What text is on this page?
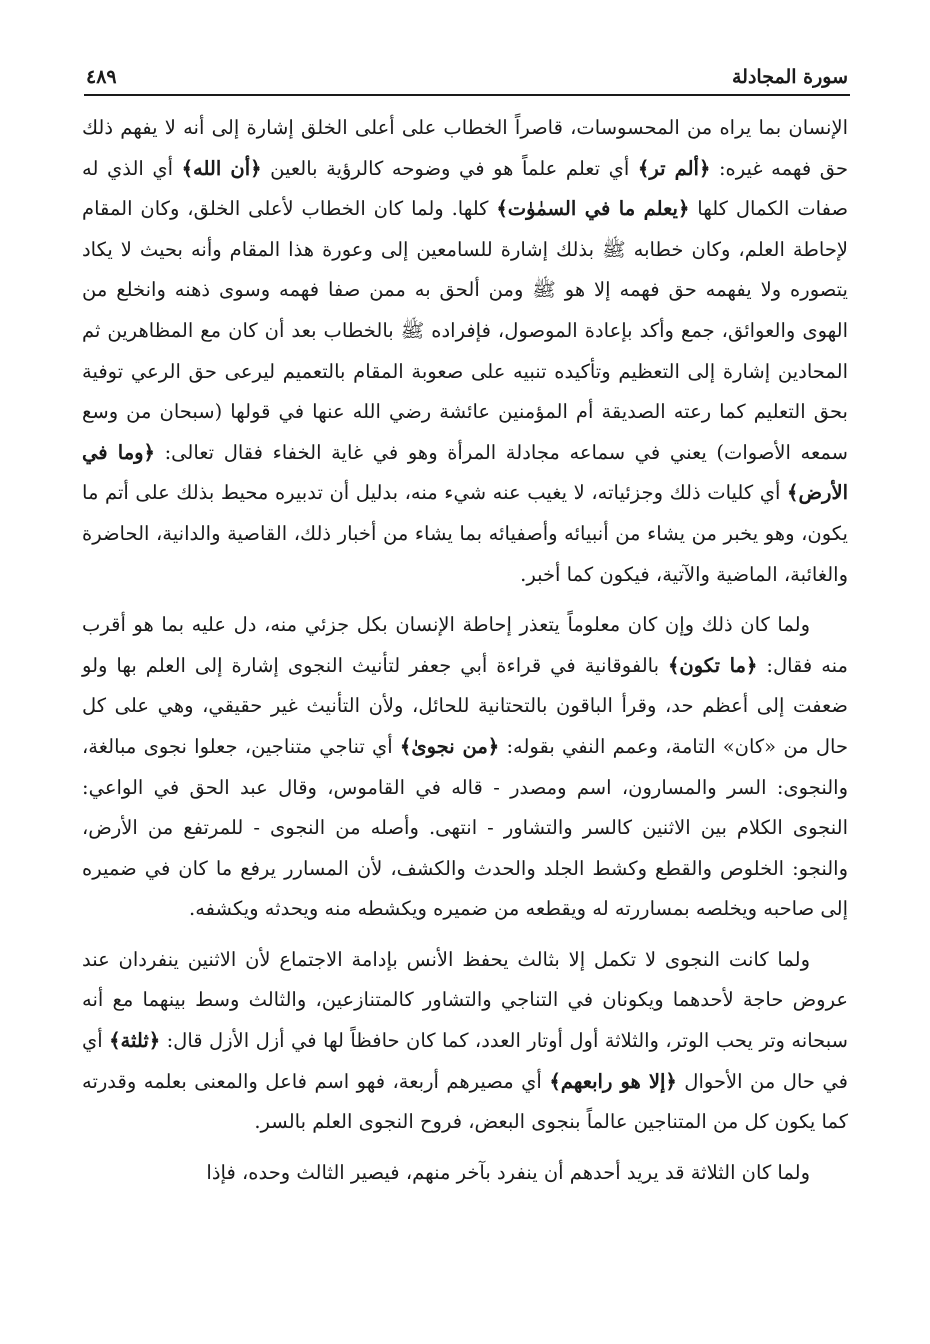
سورة المجادلة
٤٨٩

الإنسان بما يراه من المحسوسات، قاصراً الخطاب على أعلى الخلق إشارة إلى أنه لا يفهم ذلك حق فهمه غيره: ﴿ألم تر﴾ أي تعلم علماً هو في وضوحه كالرؤية بالعين ﴿أن الله﴾ أي الذي له صفات الكمال كلها ﴿يعلم ما في السمٰوٰت﴾ كلها. ولما كان الخطاب لأعلى الخلق، وكان المقام لإحاطة العلم، وكان خطابه ﷺ بذلك إشارة للسامعين إلى وعورة هذا المقام وأنه بحيث لا يكاد يتصوره ولا يفهمه حق فهمه إلا هو ﷺ ومن ألحق به ممن صفا فهمه وسوى ذهنه وانخلع من الهوى والعوائق، جمع وأكد بإعادة الموصول، فإفراده ﷺ بالخطاب بعد أن كان مع المظاهرين ثم المحادين إشارة إلى التعظيم وتأكيده تنبيه على صعوبة المقام بالتعميم ليرعى حق الرعي توفية بحق التعليم كما رعته الصديقة أم المؤمنين عائشة رضي الله عنها في قولها (سبحان من وسع سمعه الأصوات) يعني في سماعه مجادلة المرأة وهو في غاية الخفاء فقال تعالى: ﴿وما في الأرض﴾ أي كليات ذلك وجزئياته، لا يغيب عنه شيء منه، بدليل أن تدبيره محيط بذلك على أتم ما يكون، وهو يخبر من يشاء من أنبيائه وأصفيائه بما يشاء من أخبار ذلك، القاصية والدانية، الحاضرة والغائبة، الماضية والآتية، فيكون كما أخبر.

ولما كان ذلك وإن كان معلوماً يتعذر إحاطة الإنسان بكل جزئي منه، دل عليه بما هو أقرب منه فقال: ﴿ما تكون﴾ بالفوقانية في قراءة أبي جعفر لتأنيث النجوى إشارة إلى العلم بها ولو ضعفت إلى أعظم حد، وقرأ الباقون بالتحتانية للحائل، ولأن التأنيث غير حقيقي، وهي على كل حال من «كان» التامة، وعمم النفي بقوله: ﴿من نجوىٰ﴾ أي تناجي متناجين، جعلوا نجوى مبالغة، والنجوى: السر والمسارون، اسم ومصدر - قاله في القاموس، وقال عبد الحق في الواعي: النجوى الكلام بين الاثنين كالسر والتشاور - انتهى. وأصله من النجوى - للمرتفع من الأرض، والنجو: الخلوص والقطع وكشط الجلد والحدث والكشف، لأن المسارر يرفع ما كان في ضميره إلى صاحبه ويخلصه بمساررته له ويقطعه من ضميره ويكشطه منه ويحدثه ويكشفه.

ولما كانت النجوى لا تكمل إلا بثالث يحفظ الأنس بإدامة الاجتماع لأن الاثنين ينفردان عند عروض حاجة لأحدهما ويكونان في التناجي والتشاور كالمتنازعين، والثالث وسط بينهما مع أنه سبحانه وتر يحب الوتر، والثلاثة أول أوتار العدد، كما كان حافظاً لها في أزل الأزل قال: ﴿ثلثة﴾ أي في حال من الأحوال ﴿إلا هو رابعهم﴾ أي مصيرهم أربعة، فهو اسم فاعل والمعنى بعلمه وقدرته كما يكون كل من المتناجين عالماً بنجوى البعض، فروح النجوى العلم بالسر.

ولما كان الثلاثة قد يريد أحدهم أن ينفرد بآخر منهم، فيصير الثالث وحده، فإذا
